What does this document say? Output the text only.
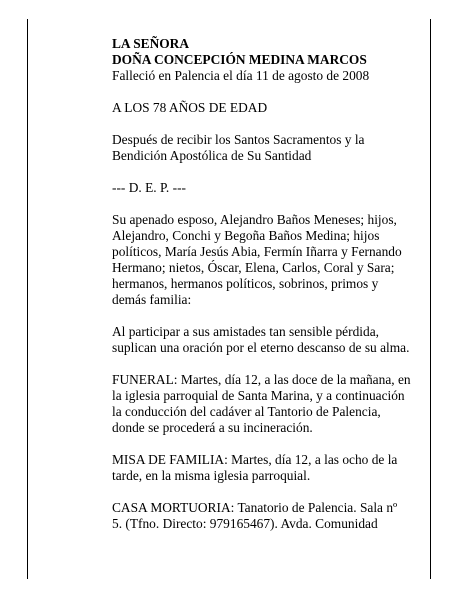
LA SEÑORA
DOÑA CONCEPCIÓN MEDINA MARCOS
Falleció en Palencia el día 11 de agosto de 2008

A LOS 78 AÑOS DE EDAD

Después de recibir los Santos Sacramentos y la
Bendición Apostólica de Su Santidad

--- D. E. P. ---

Su apenado esposo, Alejandro Baños Meneses; hijos,
Alejandro, Conchi y Begoña Baños Medina; hijos
políticos, María Jesús Abia, Fermín Iñarra y Fernando
Hermano; nietos, Óscar, Elena, Carlos, Coral y Sara;
hermanos, hermanos políticos, sobrinos, primos y
demás familia:

Al participar a sus amistades tan sensible pérdida,
suplican una oración por el eterno descanso de su alma.

FUNERAL: Martes, día 12, a las doce de la mañana, en
la iglesia parroquial de Santa Marina, y a continuación
la conducción del cadáver al Tantorio de Palencia,
donde se procederá a su incineración.

MISA DE FAMILIA: Martes, día 12, a las ocho de la
tarde, en la misma iglesia parroquial.

CASA MORTUORIA: Tanatorio de Palencia. Sala nº
5. (Tfno. Directo: 979165467). Avda. Comunidad
